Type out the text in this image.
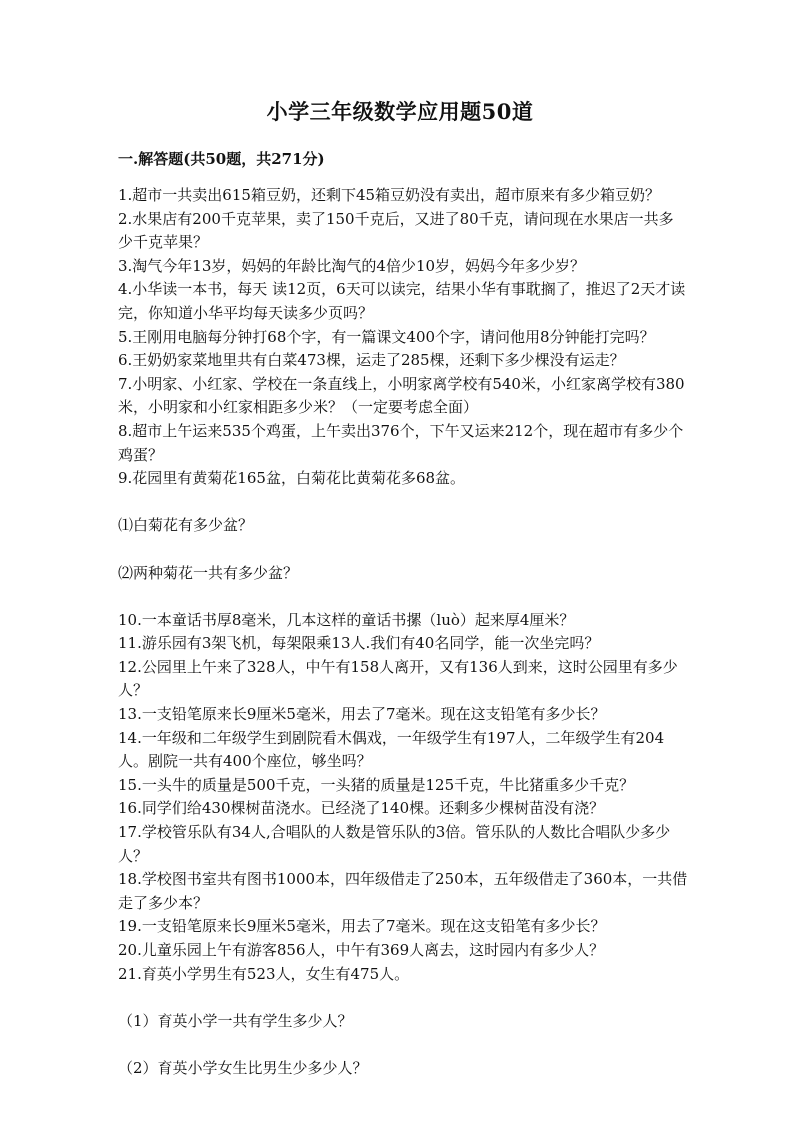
小学三年级数学应用题50道
一.解答题(共50题，共271分)
1.超市一共卖出615箱豆奶，还剩下45箱豆奶没有卖出，超市原来有多少箱豆奶？
2.水果店有200千克苹果，卖了150千克后，又进了80千克，请问现在水果店一共多少千克苹果？
3.淘气今年13岁，妈妈的年龄比淘气的4倍少10岁，妈妈今年多少岁？
4.小华读一本书，每天 读12页，6天可以读完，结果小华有事耽搁了，推迟了2天才读完，你知道小华平均每天读多少页吗？
5.王刚用电脑每分钟打68个字，有一篇课文400个字，请问他用8分钟能打完吗？
6.王奶奶家菜地里共有白菜473棵，运走了285棵，还剩下多少棵没有运走？
7.小明家、小红家、学校在一条直线上，小明家离学校有540米，小红家离学校有380米，小明家和小红家相距多少米？（一定要考虑全面）
8.超市上午运来535个鸡蛋，上午卖出376个，下午又运来212个，现在超市有多少个鸡蛋？
9.花园里有黄菊花165盆，白菊花比黄菊花多68盆。
⑴白菊花有多少盆？
⑵两种菊花一共有多少盆？
10.一本童话书厚8毫米，几本这样的童话书摞（luò）起来厚4厘米？
11.游乐园有3架飞机，每架限乘13人.我们有40名同学，能一次坐完吗？
12.公园里上午来了328人，中午有158人离开，又有136人到来，这时公园里有多少人？
13.一支铅笔原来长9厘米5毫米，用去了7毫米。现在这支铅笔有多少长？
14.一年级和二年级学生到剧院看木偶戏，一年级学生有197人，二年级学生有204人。剧院一共有400个座位，够坐吗？
15.一头牛的质量是500千克，一头猪的质量是125千克，牛比猪重多少千克？
16.同学们给430棵树苗浇水。已经浇了140棵。还剩多少棵树苗没有浇？
17.学校管乐队有34人,合唱队的人数是管乐队的3倍。管乐队的人数比合唱队少多少人？
18.学校图书室共有图书1000本，四年级借走了250本，五年级借走了360本，一共借走了多少本？
19.一支铅笔原来长9厘米5毫米，用去了7毫米。现在这支铅笔有多少长？
20.儿童乐园上午有游客856人，中午有369人离去，这时园内有多少人？
21.育英小学男生有523人，女生有475人。
（1）育英小学一共有学生多少人？
（2）育英小学女生比男生少多少人？
